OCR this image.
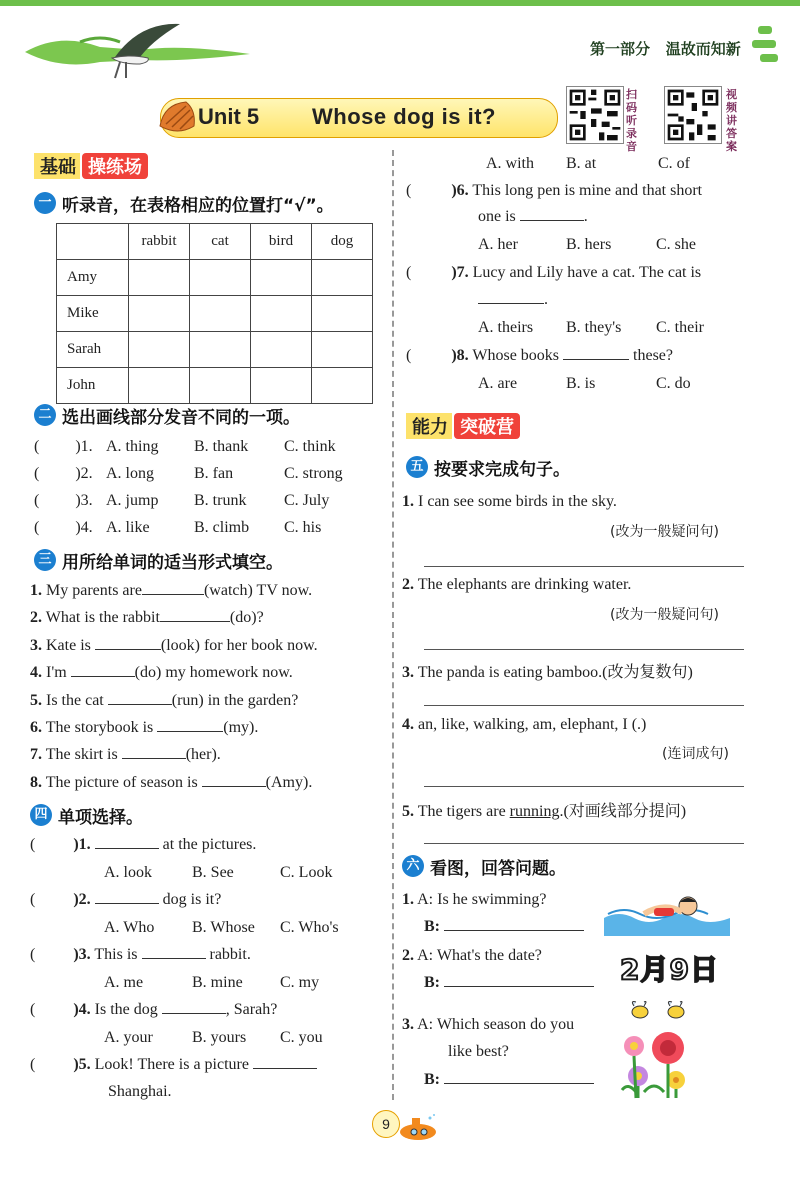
第一部分 温故而知新
Unit 5 Whose dog is it?
扫码听录音
视频讲答案
基础 操练场
一 听录音，在表格相应的位置打“√”。
	rabbit	cat	bird	dog
Amy				
Mike				
Sarah				
John				
二 选出画线部分发音不同的一项。
( )1. A. thing B. thank C. think
( )2. A. long	B. fan	C. strong
( )3. A. jump B. trunk C. July
( )4. A. like	B. climb C. his
三 用所给单词的适当形式填空。
1. My parents are	(watch) TV now.
2. What is the rabbit	(do)?
3. Kate is	(look) for her book now.
4. I'm	(do) my homework now.
5. Is the cat	(run) in the garden?
6. The storybook is	(my).
7. The skirt is	(her).
8. The picture of season is	(Amy).
四 单项选择。
( )1.	at the pictures.
A. look	B. See	C. Look
( )2.	dog is it?
A. Who B. Whose C. Who's
( )3. This is	rabbit.
A. me	B. mine C. my
( )4. Is the dog	, Sarah?
A. your B. yours C. you
( )5. Look! There is a picture
Shanghai.
A. with B. at	C. of
(	)6. This long pen is mine and that short
one is	.
A. her	B. hers	C. she
(	)7. Lucy and Lily have a cat. The cat is
.
A. theirs B. they's C. their
(	)8. Whose books	these?
A. are	B. is	C. do
能力 突破营
五 按要求完成句子。
1. I can see some birds in the sky.
(改为一般疑问句)
2. The elephants are drinking water.
(改为一般疑问句)
3. The panda is eating bamboo.(改为复数句)
4. an, like, walking, am, elephant, I (.)
(连词成句)
5. The tigers are running.(对画线部分提问)
六 看图，回答问题。
1. A: Is he swimming?
B:
2. A: What's the date?
B:	2月9日
3. A: Which season do you
like best?
B:
9
